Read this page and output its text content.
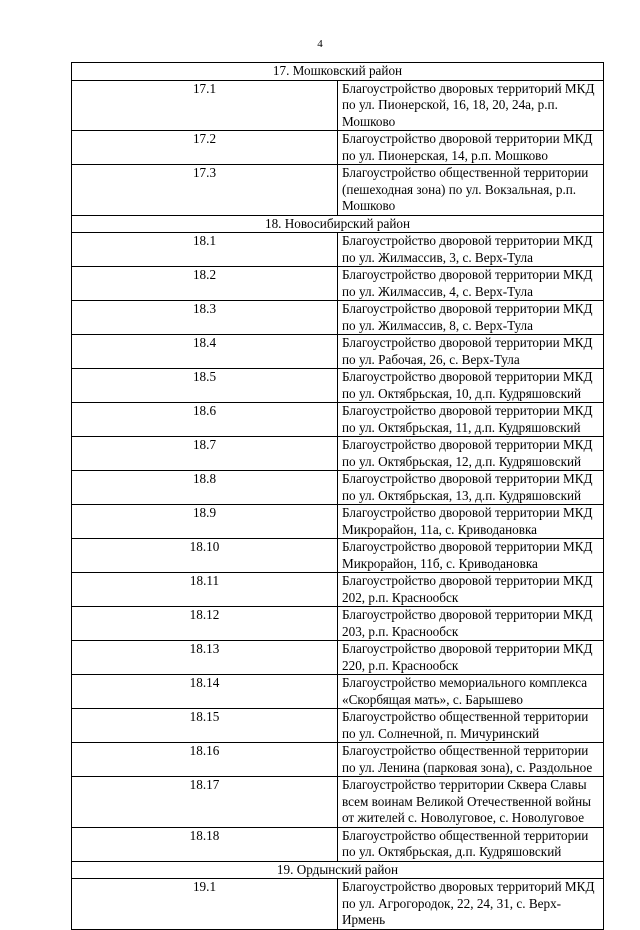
4
17. Мошковский район	
17.1	Благоустройство дворовых территорий МКД по ул. Пионерской, 16, 18, 20, 24а, р.п. Мошково
17.2	Благоустройство дворовой территории МКД по ул. Пионерская, 14, р.п. Мошково
17.3	Благоустройство общественной территории (пешеходная зона) по ул. Вокзальная, р.п. Мошково
18. Новосибирский район	
18.1	Благоустройство дворовой территории МКД по ул. Жилмассив, 3, с. Верх-Тула
18.2	Благоустройство дворовой территории МКД по ул. Жилмассив, 4, с. Верх-Тула
18.3	Благоустройство дворовой территории МКД по ул. Жилмассив, 8, с. Верх-Тула
18.4	Благоустройство дворовой территории МКД по ул. Рабочая, 26, с. Верх-Тула
18.5	Благоустройство дворовой территории МКД по ул. Октябрьская, 10, д.п. Кудряшовский
18.6	Благоустройство дворовой территории МКД по ул. Октябрьская, 11, д.п. Кудряшовский
18.7	Благоустройство дворовой территории МКД по ул. Октябрьская, 12, д.п. Кудряшовский
18.8	Благоустройство дворовой территории МКД по ул. Октябрьская, 13, д.п. Кудряшовский
18.9	Благоустройство дворовой территории МКД Микрорайон, 11а, с. Криводановка
18.10	Благоустройство дворовой территории МКД Микрорайон, 11б, с. Криводановка
18.11	Благоустройство дворовой территории МКД 202, р.п. Краснообск
18.12	Благоустройство дворовой территории МКД 203, р.п. Краснообск
18.13	Благоустройство дворовой территории МКД 220, р.п. Краснообск
18.14	Благоустройство мемориального комплекса «Скорбящая мать», с. Барышево
18.15	Благоустройство общественной территории по ул. Солнечной, п. Мичуринский
18.16	Благоустройство общественной территории по ул. Ленина (парковая зона), с. Раздольное
18.17	Благоустройство территории Сквера Славы всем воинам Великой Отечественной войны от жителей с. Новолуговое, с. Новолуговое
18.18	Благоустройство общественной территории по ул. Октябрьская, д.п. Кудряшовский
19. Ордынский район	
19.1	Благоустройство дворовых территорий МКД по ул. Агрогородок, 22, 24, 31, с. Верх-Ирмень
